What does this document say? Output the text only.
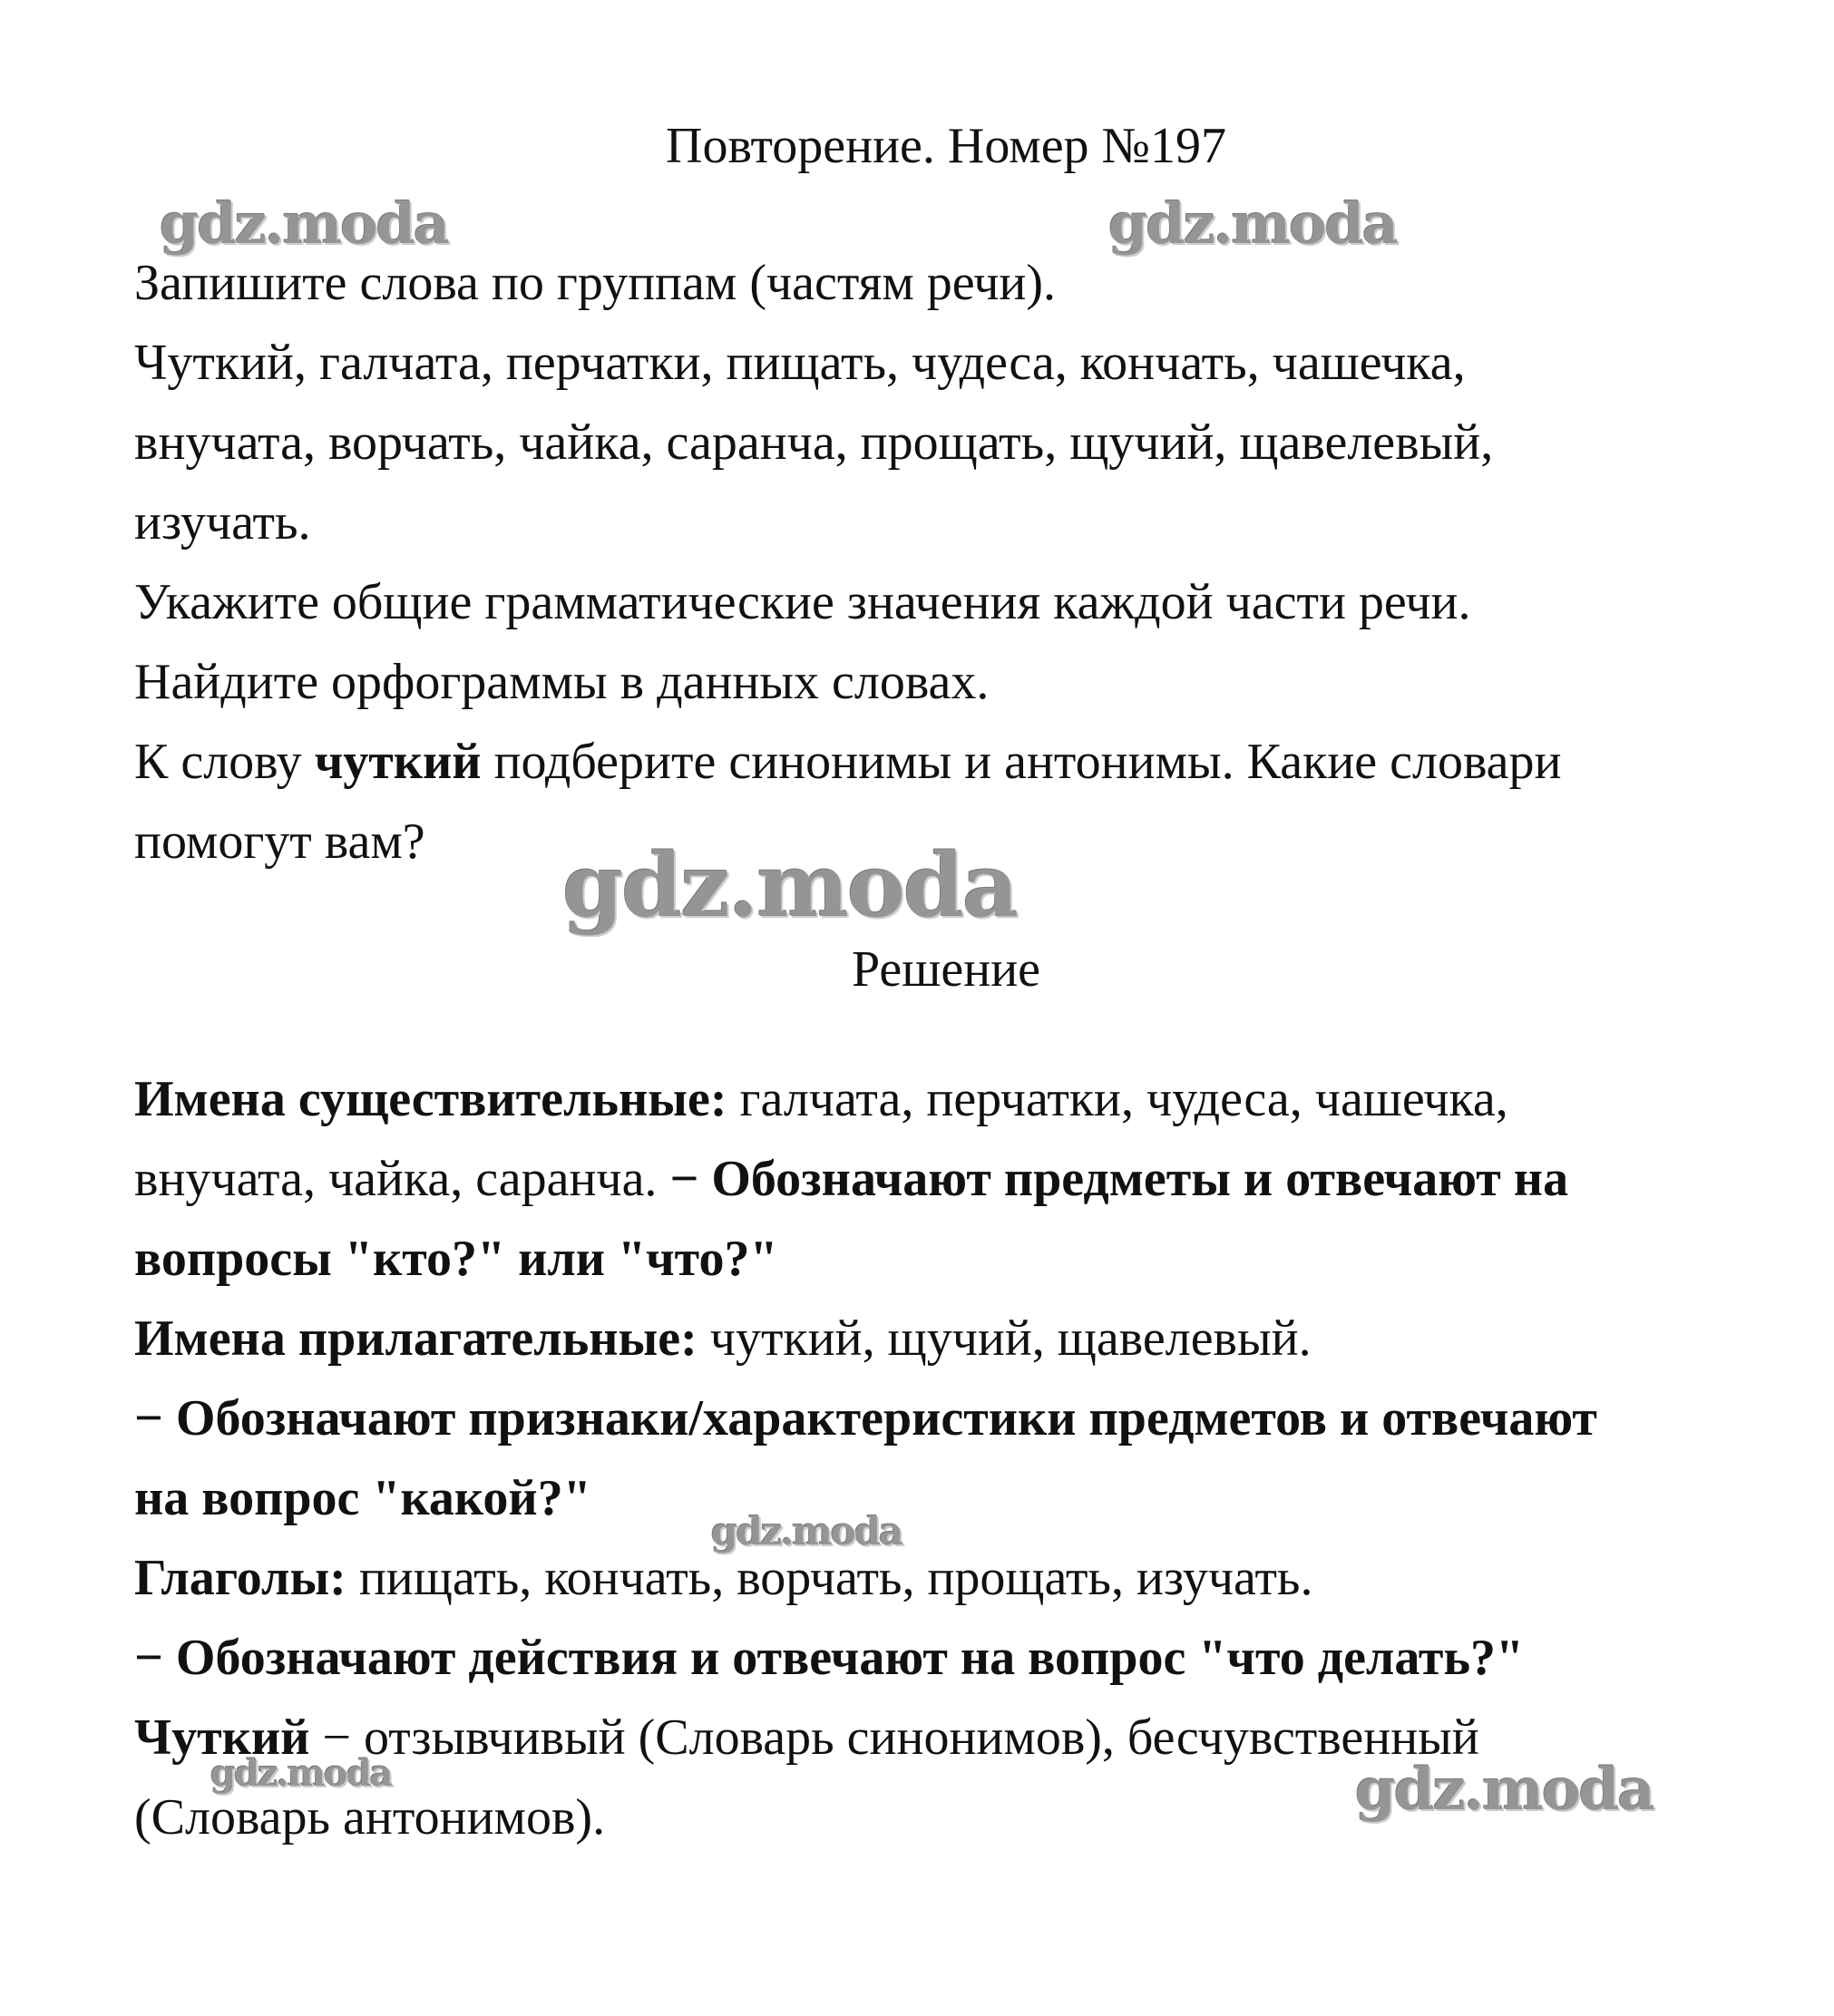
Повторение. Номер №197
Запишите слова по группам (частям речи).
Чуткий, галчата, перчатки, пищать, чудеса, кончать, чашечка,
внучата, ворчать, чайка, саранча, прощать, щучий, щавелевый,
изучать.
Укажите общие грамматические значения каждой части речи.
Найдите орфограммы в данных словах.
К слову чуткий подберите синонимы и антонимы. Какие словари
помогут вам?
Решение
Имена существительные: галчата, перчатки, чудеса, чашечка,
внучата, чайка, саранча. − Обозначают предметы и отвечают на
вопросы "кто?" или "что?"
Имена прилагательные: чуткий, щучий, щавелевый.
− Обозначают признаки/характеристики предметов и отвечают
на вопрос "какой?"
Глаголы: пищать, кончать, ворчать, прощать, изучать.
− Обозначают действия и отвечают на вопрос "что делать?"
Чуткий − отзывчивый (Словарь синонимов), бесчувственный
(Словарь антонимов).
gdz.moda	gdz.moda
gdz.moda
gdz.moda
gdz.moda	gdz.moda
